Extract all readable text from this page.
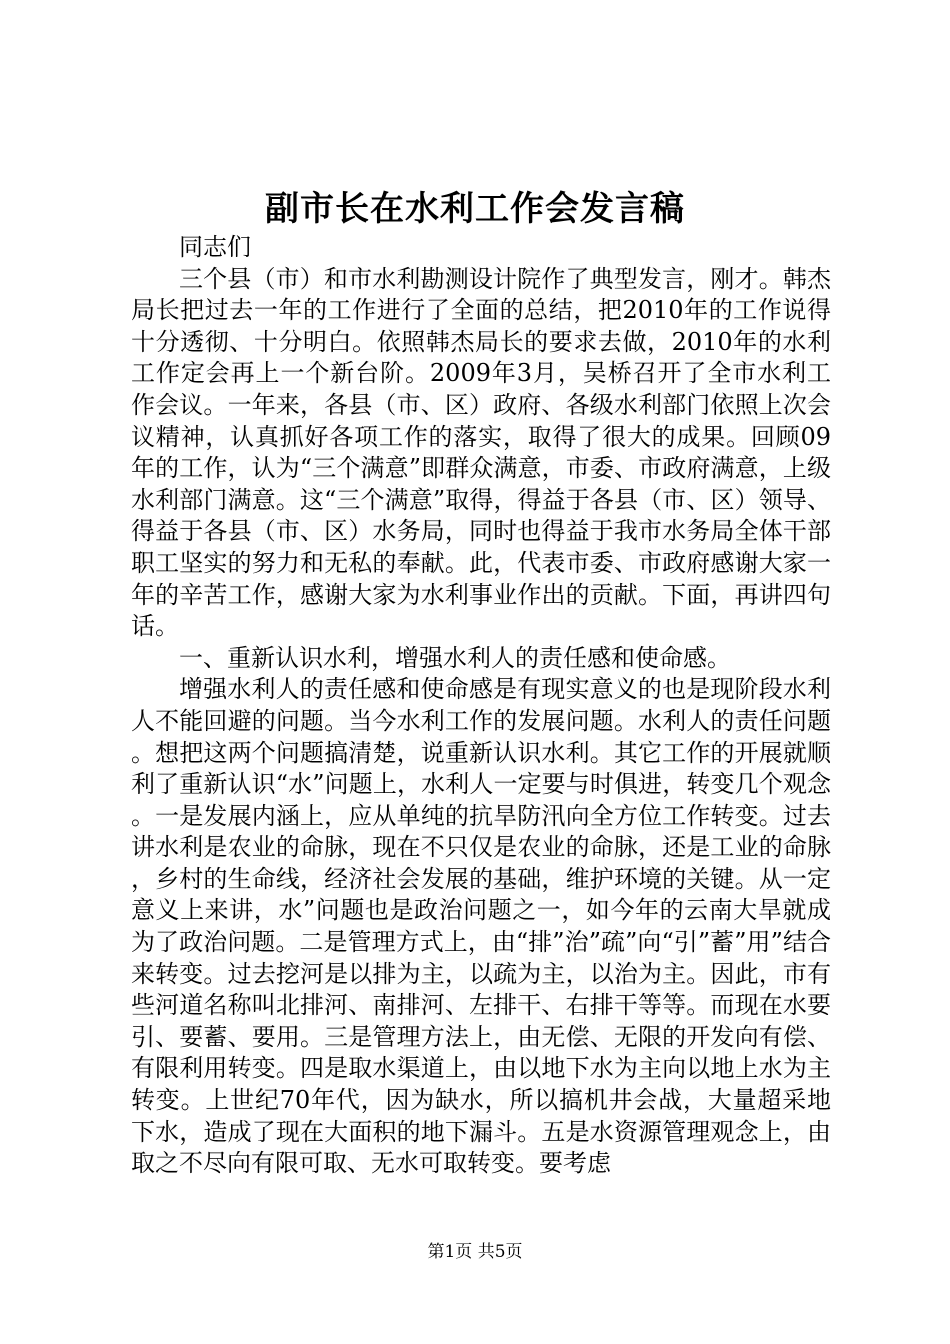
副市长在水利工作会发言稿

同志们

三个县（市）和市水利勘测设计院作了典型发言，刚才。韩杰局长把过去一年的工作进行了全面的总结，把2010年的工作说得十分透彻、十分明白。依照韩杰局长的要求去做，2010年的水利工作定会再上一个新台阶。2009年3月，吴桥召开了全市水利工作会议。一年来，各县（市、区）政府、各级水利部门依照上次会议精神，认真抓好各项工作的落实，取得了很大的成果。回顾09年的工作，认为“三个满意”即群众满意，市委、市政府满意，上级水利部门满意。这“三个满意”取得，得益于各县（市、区）领导、得益于各县（市、区）水务局，同时也得益于我市水务局全体干部职工坚实的努力和无私的奉献。此，代表市委、市政府感谢大家一年的辛苦工作，感谢大家为水利事业作出的贡献。下面，再讲四句话。

一、重新认识水利，增强水利人的责任感和使命感。

增强水利人的责任感和使命感是有现实意义的也是现阶段水利人不能回避的问题。当今水利工作的发展问题。水利人的责任问题。想把这两个问题搞清楚，说重新认识水利。其它工作的开展就顺利了重新认识“水”问题上，水利人一定要与时俱进，转变几个观念。一是发展内涵上，应从单纯的抗旱防汛向全方位工作转变。过去讲水利是农业的命脉，现在不只仅是农业的命脉，还是工业的命脉，乡村的生命线，经济社会发展的基础，维护环境的关键。从一定意义上来讲，水”问题也是政治问题之一，如今年的云南大旱就成为了政治问题。二是管理方式上，由“排”治”疏”向“引”蓄”用”结合来转变。过去挖河是以排为主，以疏为主，以治为主。因此，市有些河道名称叫北排河、南排河、左排干、右排干等等。而现在水要引、要蓄、要用。三是管理方法上，由无偿、无限的开发向有偿、有限利用转变。四是取水渠道上，由以地下水为主向以地上水为主转变。上世纪70年代，因为缺水，所以搞机井会战，大量超采地下水，造成了现在大面积的地下漏斗。五是水资源管理观念上，由取之不尽向有限可取、无水可取转变。要考虑

第1页 共5页
